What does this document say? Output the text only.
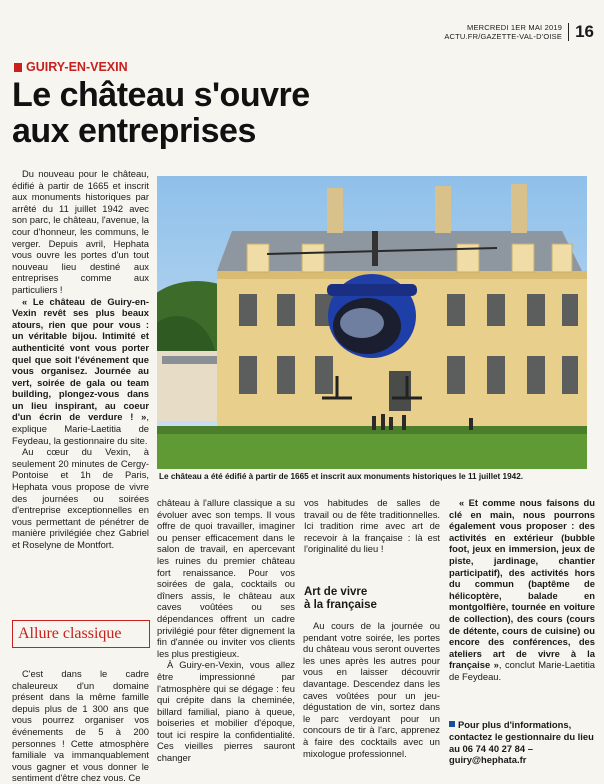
MERCREDI 1ER MAI 2019
ACTU.FR/GAZETTE-VAL-D'OISE 16
GUIRY-EN-VEXIN
Le château s'ouvre
aux entreprises
Le château a été édifié à partir de 1665 et inscrit aux monuments historiques le 11 juillet 1942.

Du nouveau pour le château, édifié à partir de 1665 et inscrit aux monuments historiques par arrêté du 11 juillet 1942 avec son parc, le château, l'avenue, la cour d'honneur, les communs, le verger. Depuis avril, Hephata vous ouvre les portes d'un tout nouveau lieu destiné aux entreprises comme aux particuliers !

« Le château de Guiry-en-Vexin revêt ses plus beaux atours, rien que pour vous : un véritable bijou. Intimité et authenticité vont vous porter quel que soit l'événement que vous organisez. Journée au vert, soirée de gala ou team building, plongez-vous dans un lieu inspirant, au coeur d'un écrin de verdure ! », explique Marie-Laetitia de Feydeau, la gestionnaire du site.

Au cœur du Vexin, à seulement 20 minutes de Cergy-Pontoise et 1h de Paris, Hephata vous propose de vivre des journées ou soirées d'entreprise exceptionnelles en vous permettant de pénétrer de manière privilégiée chez Gabriel et Roselyne de Montfort.

Allure classique

C'est dans le cadre chaleureux d'un domaine présent dans la même famille depuis plus de 1 300 ans que vous pourrez organiser vos événements de 5 à 200 personnes ! Cette atmosphère familiale va immanquablement vous gagner et vous donner le sentiment d'être chez vous. Ce

château à l'allure classique a su évoluer avec son temps. Il vous offre de quoi travailler, imaginer ou penser efficacement dans le salon de travail, en apercevant les ruines du premier château fort renaissance. Pour vos soirées de gala, cocktails ou dîners assis, le château aux caves voûtées ou ses dépendances offrent un cadre privilégié pour fêter dignement la fin d'année ou inviter vos clients les plus prestigieux.

À Guiry-en-Vexin, vous allez être impressionné par l'atmosphère qui se dégage : feu qui crépite dans la cheminée, billard familial, piano à queue, boiseries et mobilier d'époque, tout ici respire la confidentialité. Ces vieilles pierres sauront changer

vos habitudes de salles de travail ou de fête traditionnelles. Ici tradition rime avec art de recevoir à la française : là est l'originalité du lieu !

Art de vivre
à la française

Au cours de la journée ou pendant votre soirée, les portes du château vous seront ouvertes les unes après les autres pour vous en laisser découvrir davantage. Descendez dans les caves voûtées pour un jeu-dégustation de vin, sortez dans le parc verdoyant pour un concours de tir à l'arc, apprenez à faire des cocktails avec un mixologue professionnel.

« Et comme nous faisons du clé en main, nous pourrons également vous proposer : des activités en extérieur (bubble foot, jeux en immersion, jeux de piste, jardinage, chantier participatif), des activités hors du commun (baptême de hélicoptère, balade en montgolfière, tournée en voiture de collection), des cours (cours de détente, cours de cuisine) ou encore des conférences, des ateliers art de vivre à la française », conclut Marie-Laetitia de Feydeau.

Pour plus d'informations, contactez le gestionnaire du lieu au 06 74 40 27 84 – guiry@hephata.fr
